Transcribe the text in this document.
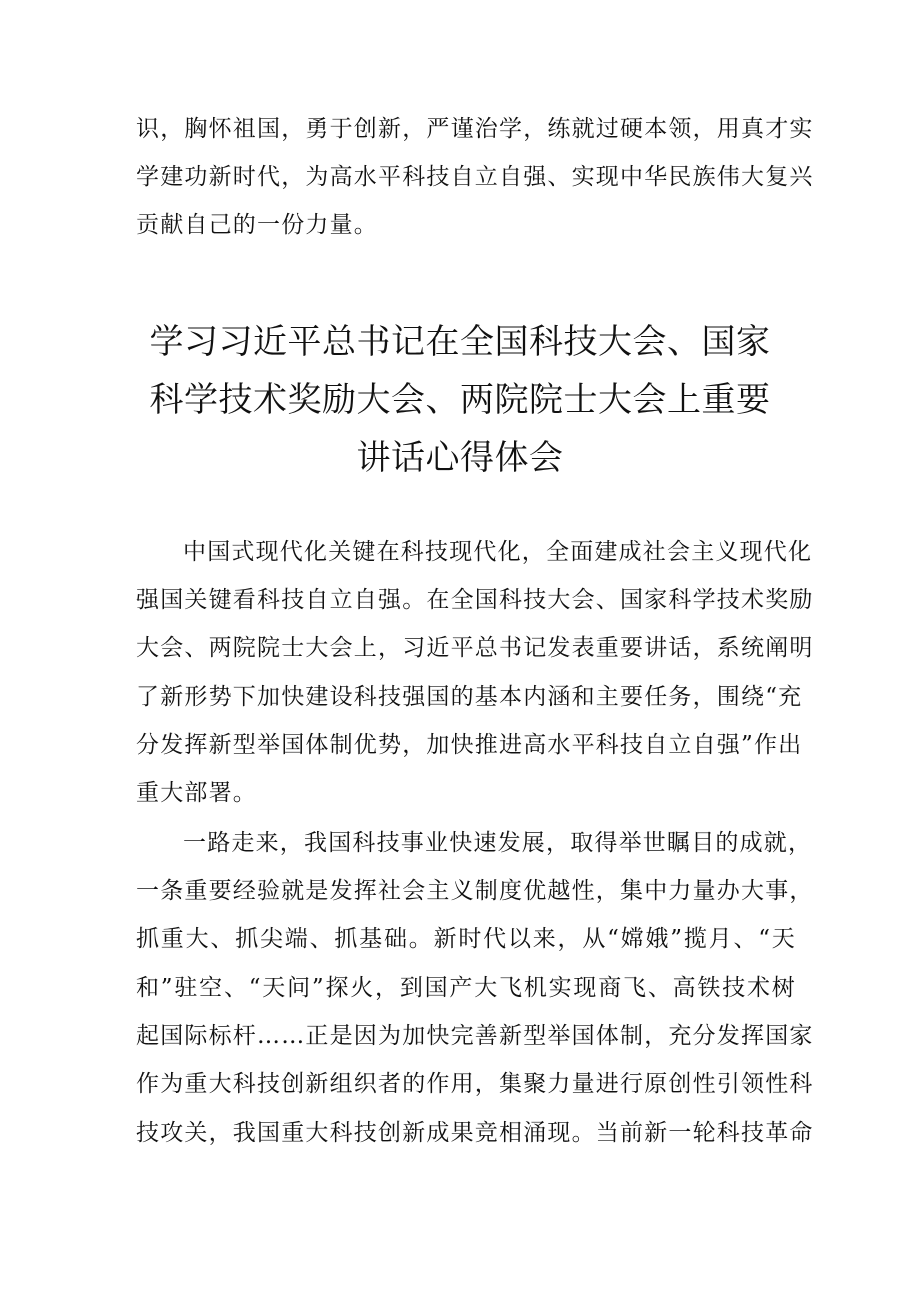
识，胸怀祖国，勇于创新，严谨治学，练就过硬本领，用真才实
学建功新时代，为高水平科技自立自强、实现中华民族伟大复兴
贡献自己的一份力量。
学习习近平总书记在全国科技大会、国家
科学技术奖励大会、两院院士大会上重要
讲话心得体会
中国式现代化关键在科技现代化，全面建成社会主义现代化
强国关键看科技自立自强。在全国科技大会、国家科学技术奖励
大会、两院院士大会上，习近平总书记发表重要讲话，系统阐明
了新形势下加快建设科技强国的基本内涵和主要任务，围绕“充
分发挥新型举国体制优势，加快推进高水平科技自立自强”作出
重大部署。
一路走来，我国科技事业快速发展，取得举世瞩目的成就，
一条重要经验就是发挥社会主义制度优越性，集中力量办大事，
抓重大、抓尖端、抓基础。新时代以来，从“嫦娥”揽月、“天
和”驻空、“天问”探火，到国产大飞机实现商飞、高铁技术树
起国际标杆……正是因为加快完善新型举国体制，充分发挥国家
作为重大科技创新组织者的作用，集聚力量进行原创性引领性科
技攻关，我国重大科技创新成果竞相涌现。当前新一轮科技革命
